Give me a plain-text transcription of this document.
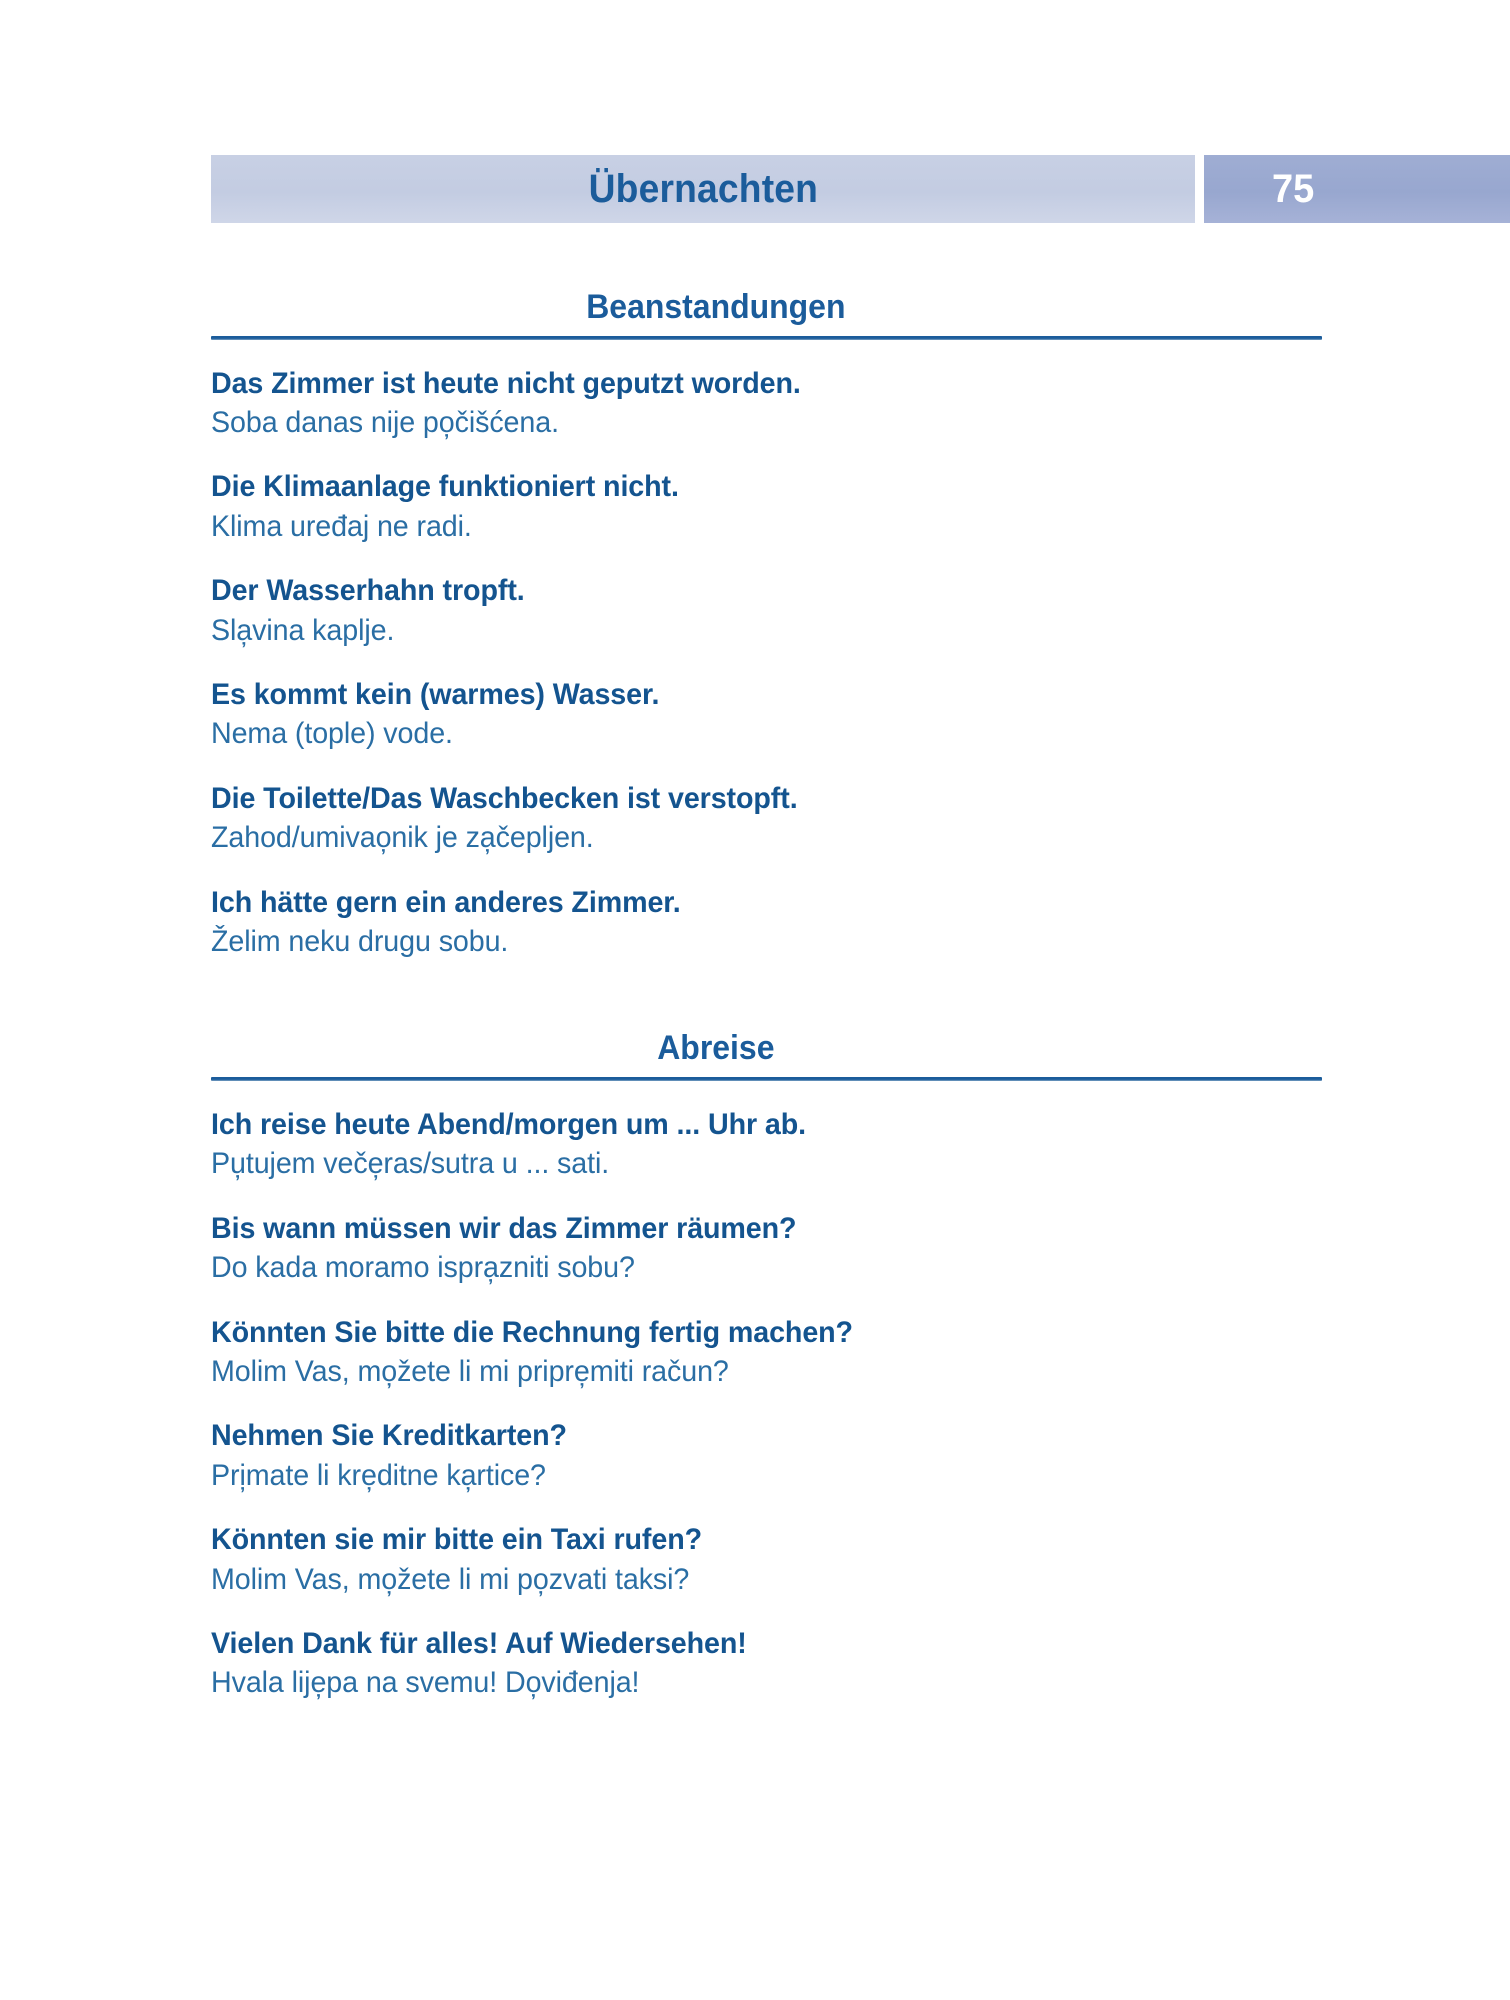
Übernachten	75
Beanstandungen
Das Zimmer ist heute nicht geputzt worden.
Soba danas nije po̦čišćena.
Die Klimaanlage funktioniert nicht.
Klima uređaj ne radi.
Der Wasserhahn tropft.
Sla̦vina kaplje.
Es kommt kein (warmes) Wasser.
Nema (tople) vode.
Die Toilette/Das Waschbecken ist verstopft.
Zahod/umivao̦nik je za̦čepljen.
Ich hätte gern ein anderes Zimmer.
Želim neku drugu sobu.
Abreise
Ich reise heute Abend/morgen um ... Uhr ab.
Pu̦tujem veče̦ras/sutra u ... sati.
Bis wann müssen wir das Zimmer räumen?
Do kada moramo ispra̦zniti sobu?
Könnten Sie bitte die Rechnung fertig machen?
Molim Vas, mo̦žete li mi pripre̦miti račun?
Nehmen Sie Kreditkarten?
Pri̦mate li kre̦ditne ka̦rtice?
Könnten sie mir bitte ein Taxi rufen?
Molim Vas, mo̦žete li mi po̦zvati taksi?
Vielen Dank für alles! Auf Wiedersehen!
Hvala lije̦pa na svemu! Do̦viđenja!
